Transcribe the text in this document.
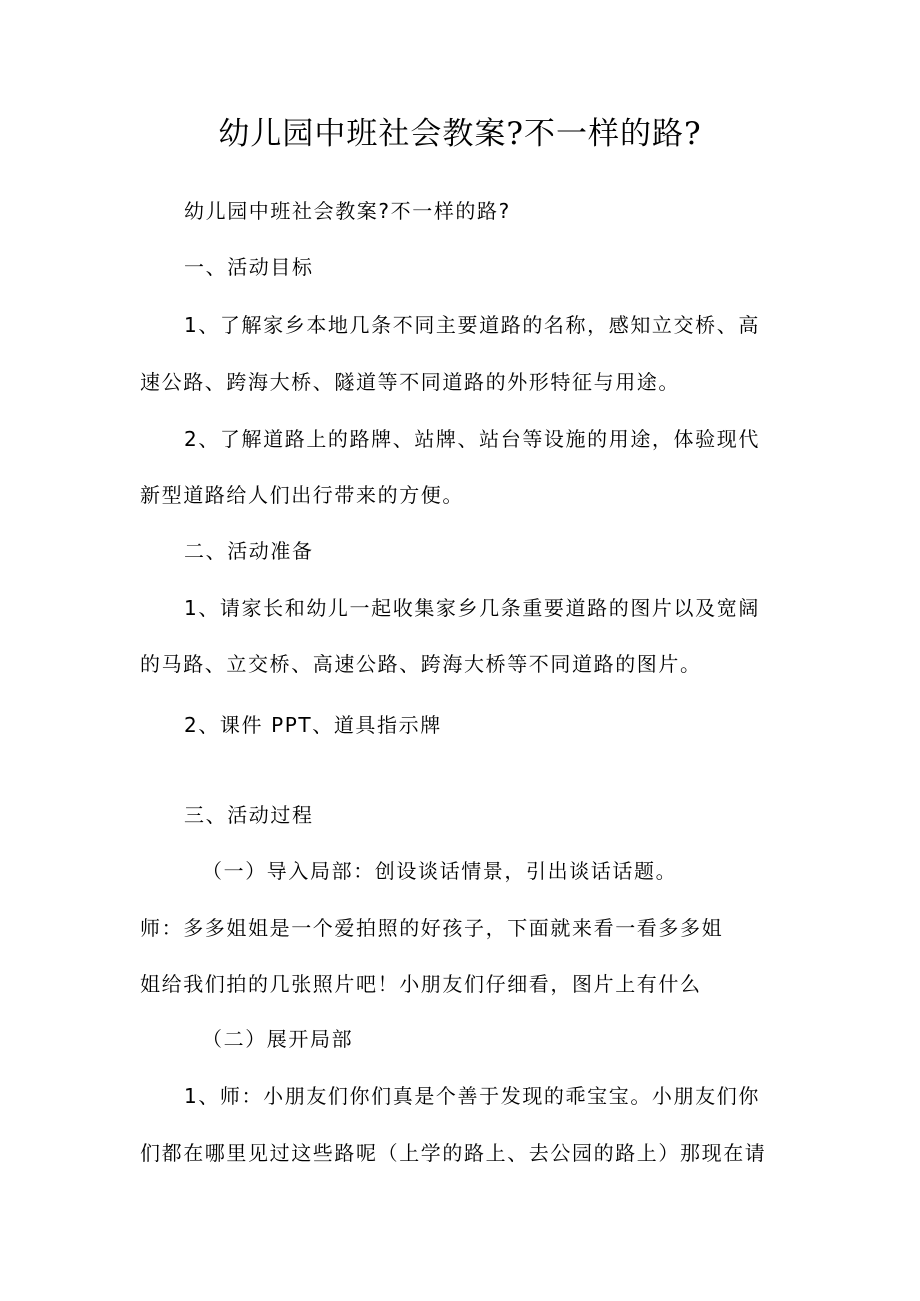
幼儿园中班社会教案?不一样的路?
幼儿园中班社会教案?不一样的路?
一、活动目标
1、了解家乡本地几条不同主要道路的名称，感知立交桥、高
速公路、跨海大桥、隧道等不同道路的外形特征与用途。
2、了解道路上的路牌、站牌、站台等设施的用途，体验现代
新型道路给人们出行带来的方便。
二、活动准备
1、请家长和幼儿一起收集家乡几条重要道路的图片以及宽阔
的马路、立交桥、高速公路、跨海大桥等不同道路的图片。
2、课件 PPT、道具指示牌
三、活动过程
（一）导入局部：创设谈话情景，引出谈话话题。
师：多多姐姐是一个爱拍照的好孩子，下面就来看一看多多姐
姐给我们拍的几张照片吧！小朋友们仔细看，图片上有什么
（二）展开局部
1、师：小朋友们你们真是个善于发现的乖宝宝。小朋友们你
们都在哪里见过这些路呢（上学的路上、去公园的路上）那现在请
